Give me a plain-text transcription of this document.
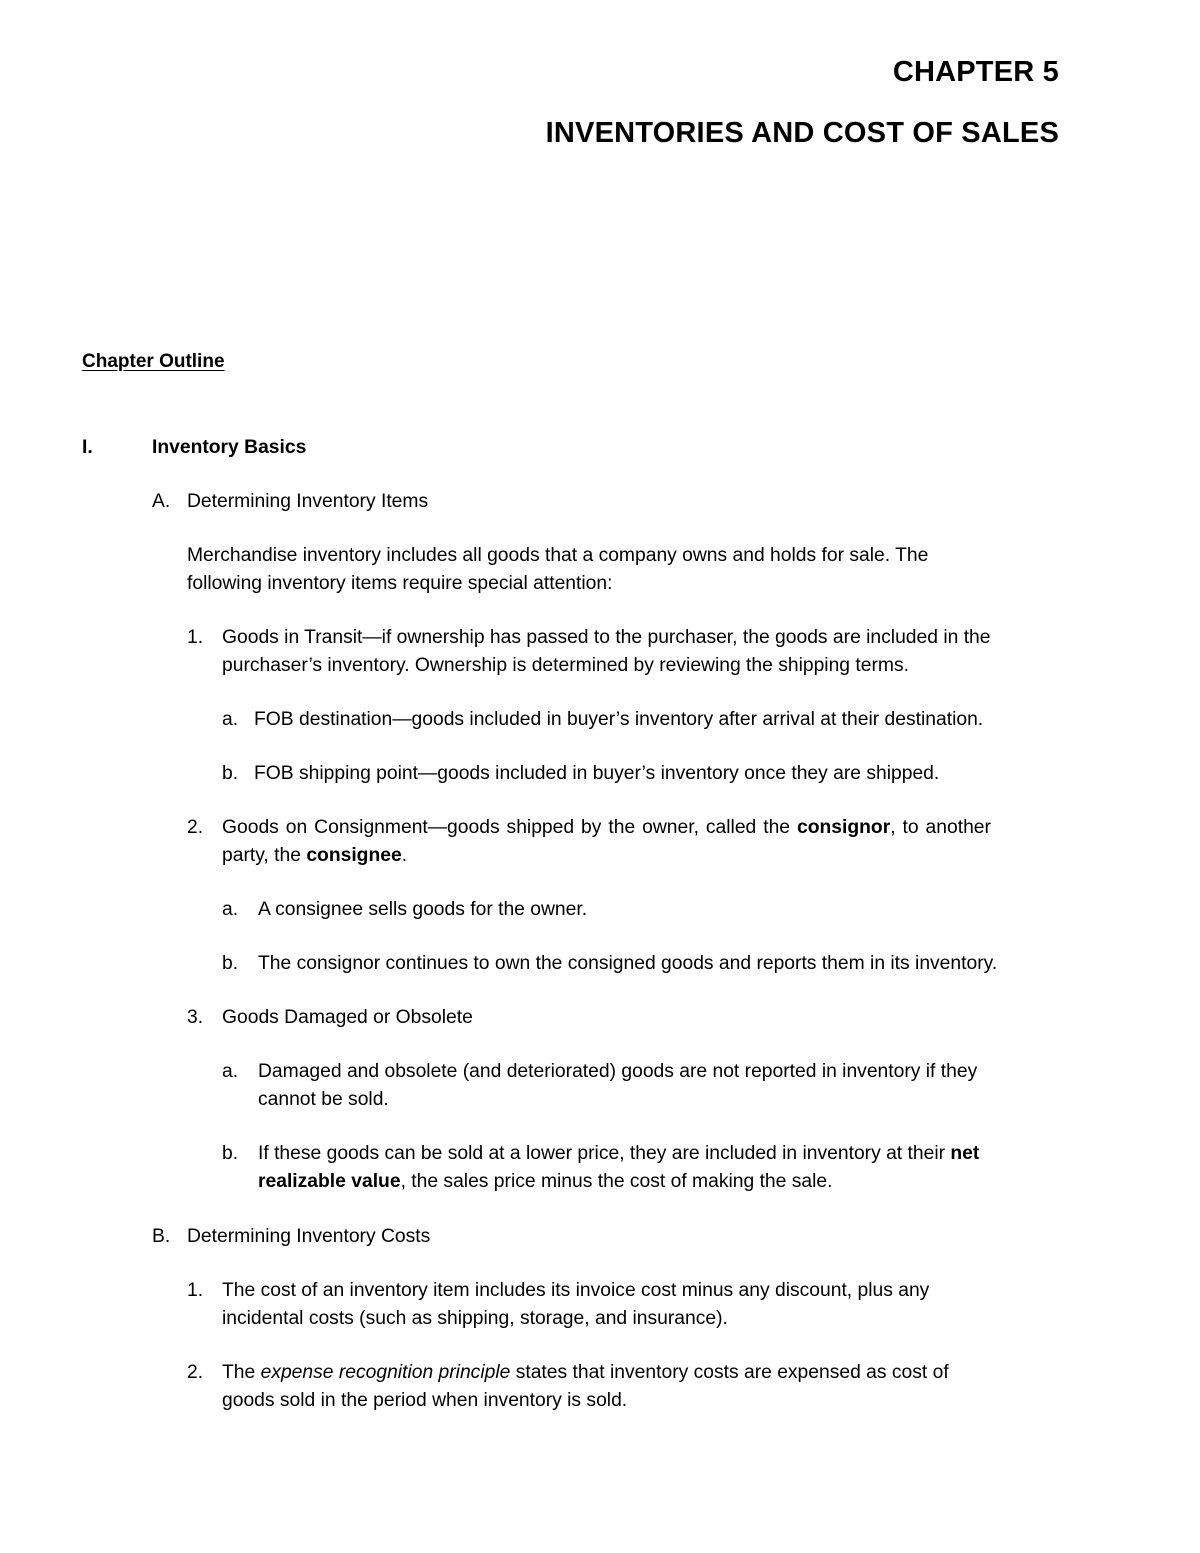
CHAPTER 5
INVENTORIES AND COST OF SALES
Chapter Outline
I.	Inventory Basics
A. Determining Inventory Items
Merchandise inventory includes all goods that a company owns and holds for sale. The
following inventory items require special attention:
1. Goods in Transit—if ownership has passed to the purchaser, the goods are included in the
purchaser’s inventory. Ownership is determined by reviewing the shipping terms.
a. FOB destination—goods included in buyer’s inventory after arrival at their destination.
b. FOB shipping point—goods included in buyer’s inventory once they are shipped.
2. Goods on Consignment—goods shipped by the owner, called the consignor, to another
party, the consignee.
a. A consignee sells goods for the owner.
b. The consignor continues to own the consigned goods and reports them in its inventory.
3. Goods Damaged or Obsolete
a. Damaged and obsolete (and deteriorated) goods are not reported in inventory if they
cannot be sold.
b. If these goods can be sold at a lower price, they are included in inventory at their net
realizable value, the sales price minus the cost of making the sale.
B. Determining Inventory Costs
1. The cost of an inventory item includes its invoice cost minus any discount, plus any
incidental costs (such as shipping, storage, and insurance).
2. The expense recognition principle states that inventory costs are expensed as cost of
goods sold in the period when inventory is sold.
